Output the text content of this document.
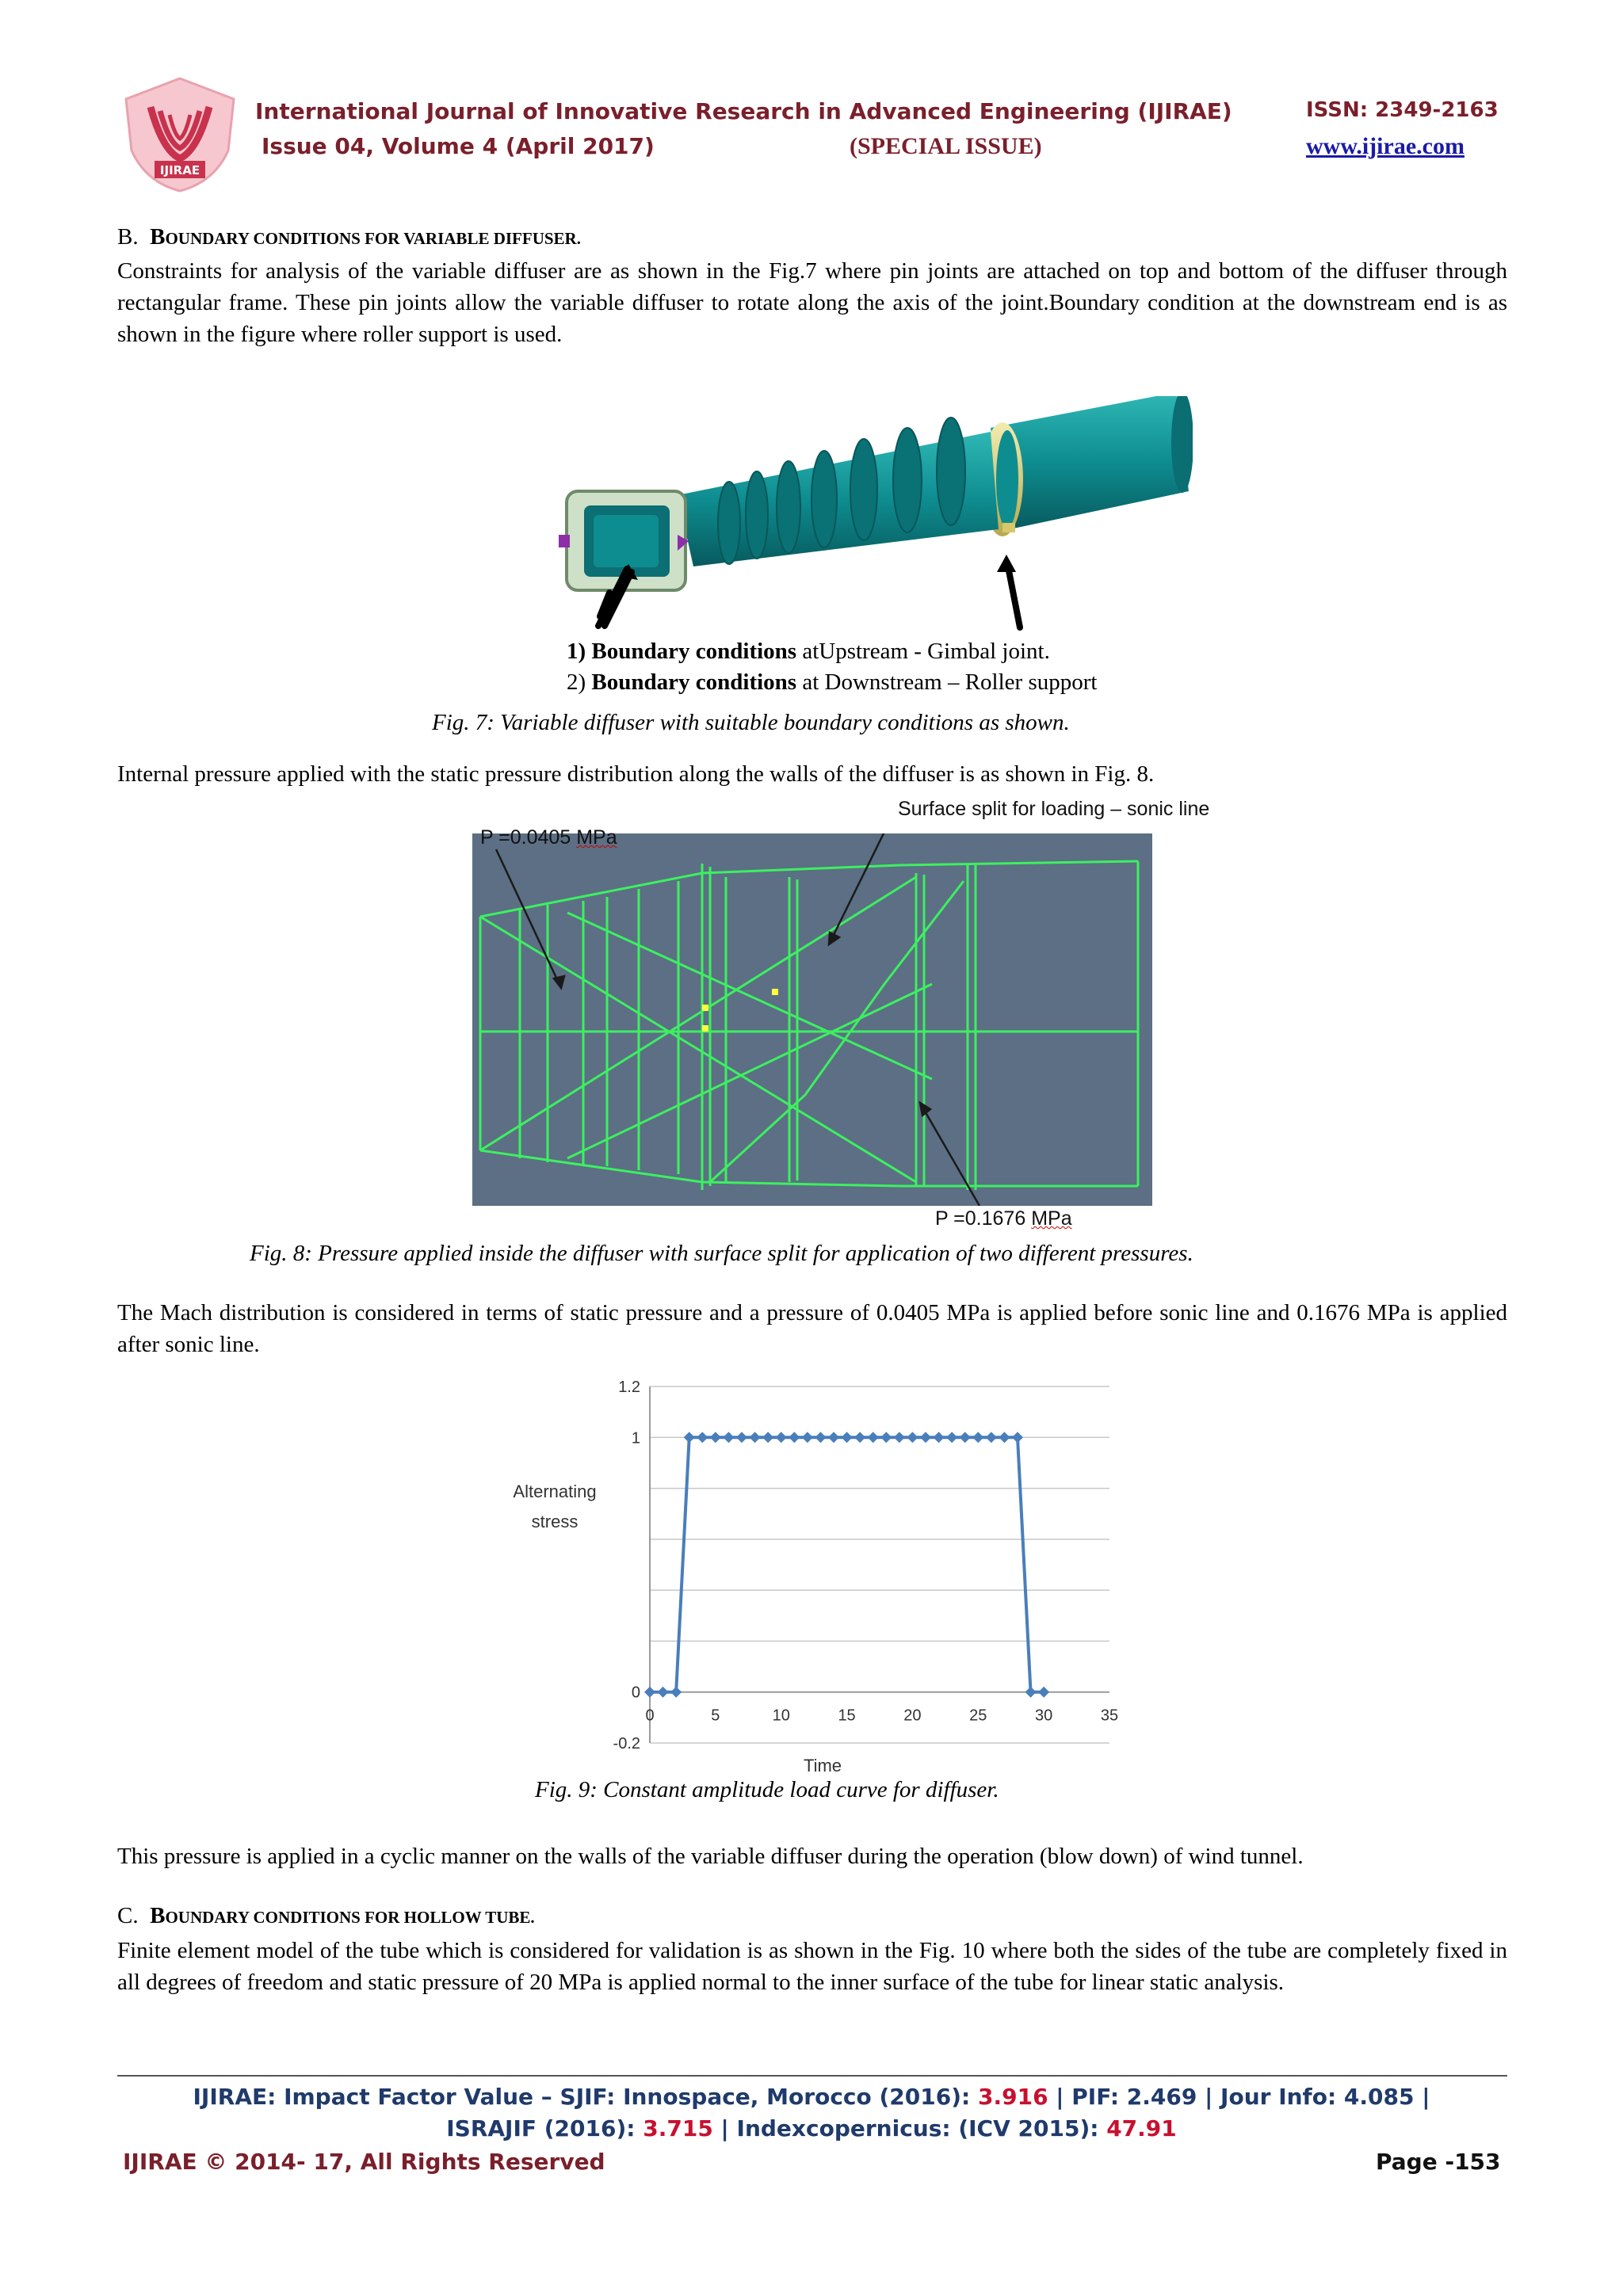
IJIRAE
International Journal of Innovative Research in Advanced Engineering (IJIRAE)
Issue 04, Volume 4 (April 2017)	(SPECIAL ISSUE)
ISSN: 2349-2163
www.ijirae.com
B. BOUNDARY CONDITIONS FOR VARIABLE DIFFUSER.
Constraints for analysis of the variable diffuser are as shown in the Fig.7 where pin joints are attached on top and bottom of the diffuser through rectangular frame. These pin joints allow the variable diffuser to rotate along the axis of the joint.Boundary condition at the downstream end is as shown in the figure where roller support is used.
1) Boundary conditions atUpstream - Gimbal joint.
2) Boundary conditions at Downstream – Roller support
Fig. 7: Variable diffuser with suitable boundary conditions as shown.
Internal pressure applied with the static pressure distribution along the walls of the diffuser is as shown in Fig. 8.
P =0.0405 MPa
Surface split for loading – sonic line
P =0.1676 MPa
Fig. 8: Pressure applied inside the diffuser with surface split for application of two different pressures.
The Mach distribution is considered in terms of static pressure and a pressure of 0.0405 MPa is applied before sonic line and 0.1676 MPa is applied after sonic line.
1.2
1
0
-0.2
0	5	10	15	20	25	30	35
Alternating
stress
Time
Fig. 9: Constant amplitude load curve for diffuser.
This pressure is applied in a cyclic manner on the walls of the variable diffuser during the operation (blow down) of wind tunnel.
C. BOUNDARY CONDITIONS FOR HOLLOW TUBE.
Finite element model of the tube which is considered for validation is as shown in the Fig. 10 where both the sides of the tube are completely fixed in all degrees of freedom and static pressure of 20 MPa is applied normal to the inner surface of the tube for linear static analysis.
IJIRAE: Impact Factor Value – SJIF: Innospace, Morocco (2016): 3.916 | PIF: 2.469 | Jour Info: 4.085 |
ISRAJIF (2016): 3.715 | Indexcopernicus: (ICV 2015): 47.91
IJIRAE © 2014- 17, All Rights Reserved	Page -153
